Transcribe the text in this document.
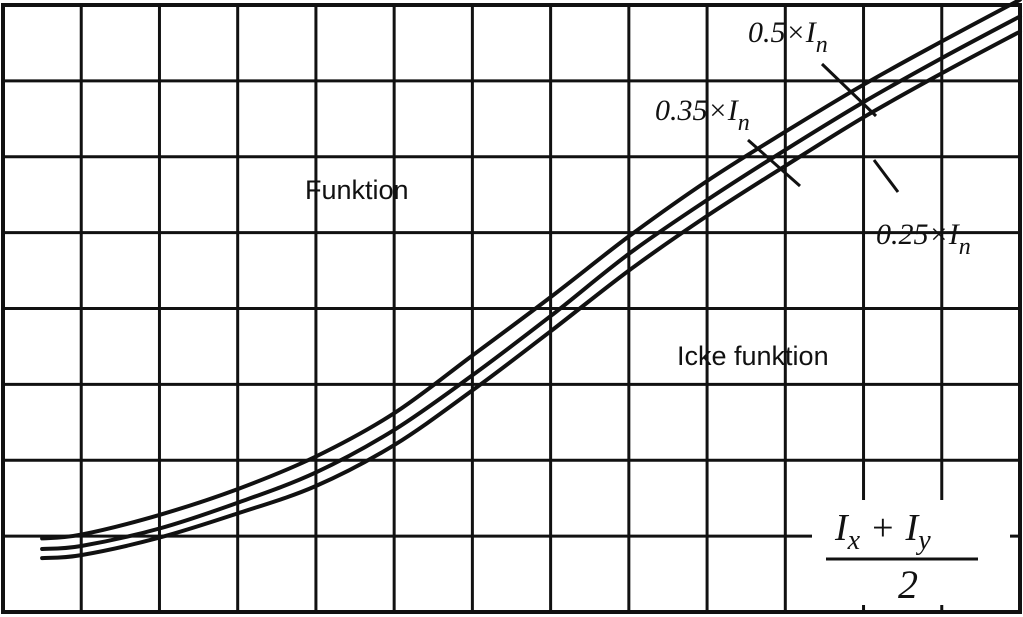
Funktion
Icke funktion
$0.5\times I_n$
$0.35\times I_n$
$0.25\times I_n$
$I_x + I_y$
2
